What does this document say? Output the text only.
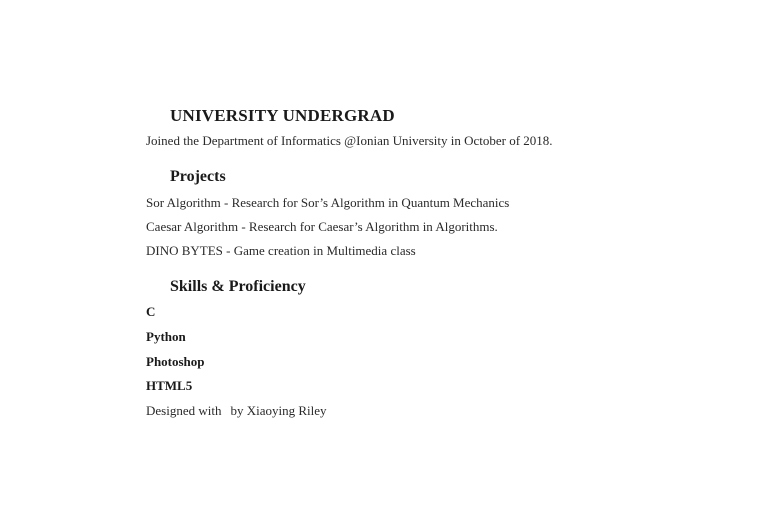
UNIVERSITY UNDERGRAD
Joined the Department of Informatics @Ionian University in October of 2018.
Projects
Sor Algorithm - Research for Sor’s Algorithm in Quantum Mechanics
Caesar Algorithm - Research for Caesar’s Algorithm in Algorithms.
DINO BYTES - Game creation in Multimedia class
Skills & Proficiency
C
Python
Photoshop
HTML5
Designed with by Xiaoying Riley
